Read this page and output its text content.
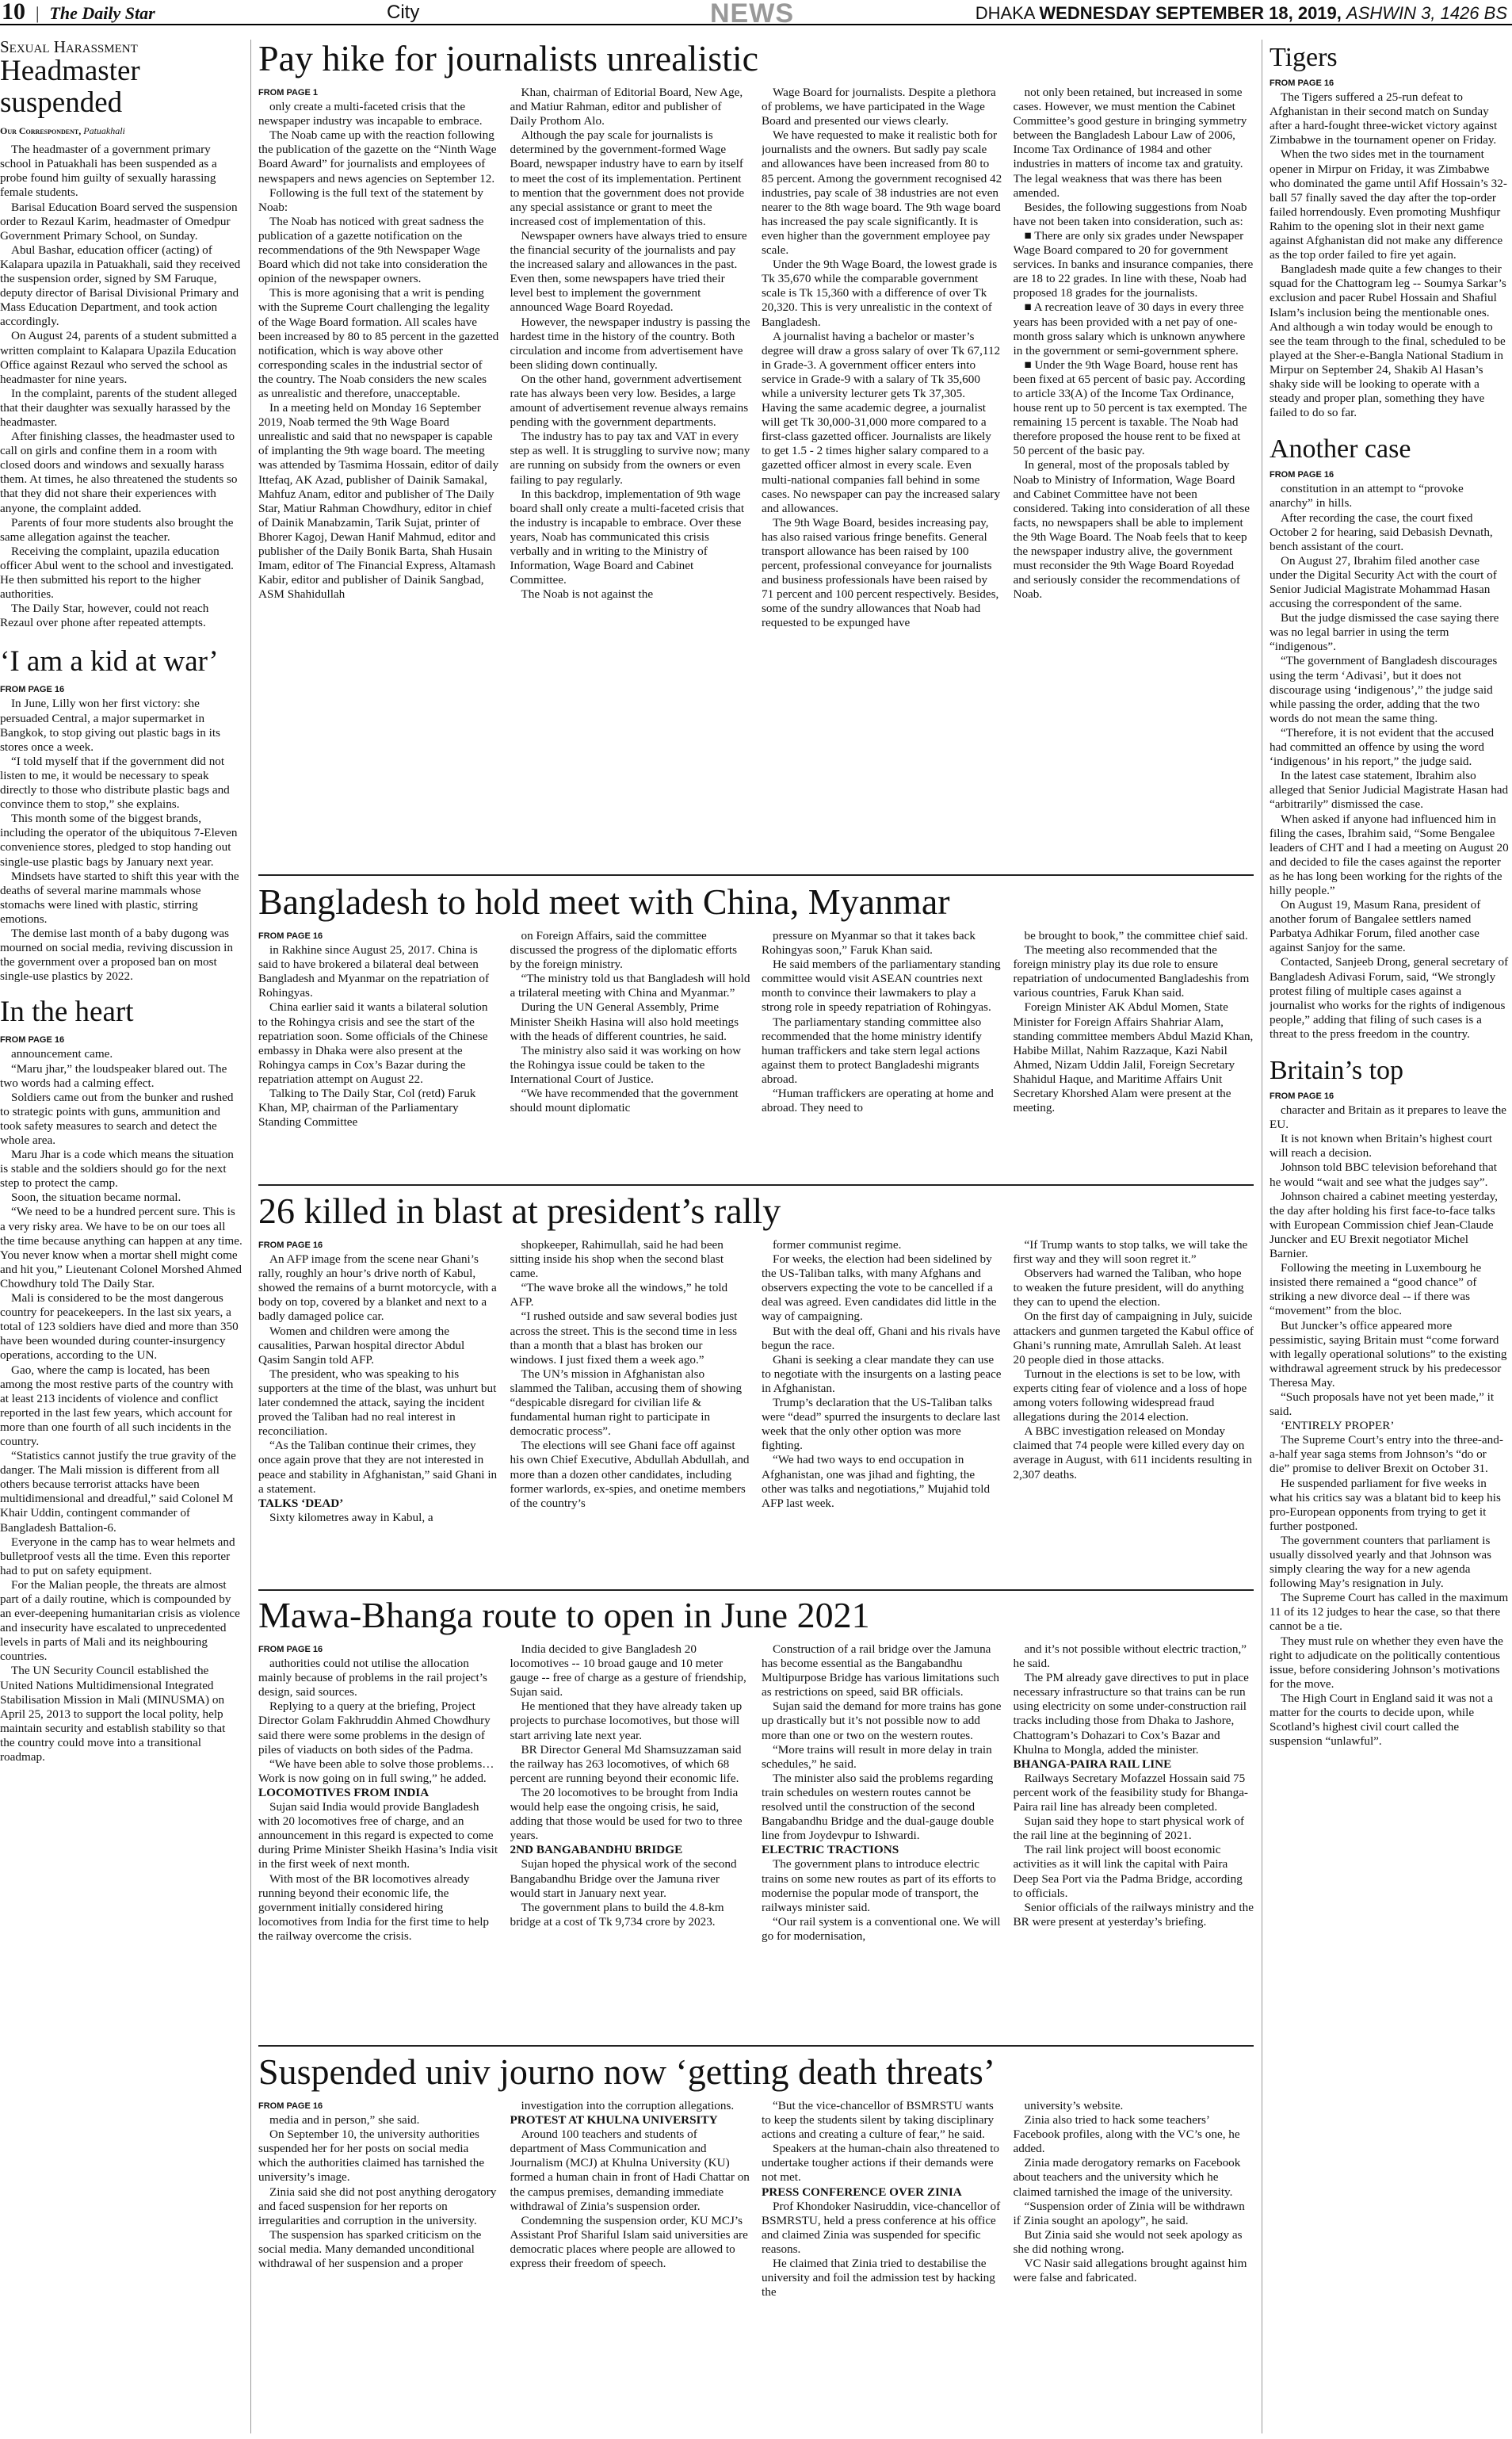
10  |  The Daily Star	City	NEWS	DHAKA WEDNESDAY SEPTEMBER 18, 2019, ASHWIN 3, 1426 BS
Sexual Harassment
Headmaster suspended
Our Correspondent, Patuakhali

The headmaster of a government primary school in Patuakhali has been suspended as a probe found him guilty of sexually harassing female students.

Barisal Education Board served the suspension order to Rezaul Karim, headmaster of Omedpur Government Primary School, on Sunday.

Abul Bashar, education officer (acting) of Kalapara upazila in Patuakhali, said they received the suspension order, signed by SM Faruque, deputy director of Barisal Divisional Primary and Mass Education Department, and took action accordingly.

On August 24, parents of a student submitted a written complaint to Kalapara Upazila Education Office against Rezaul who served the school as headmaster for nine years.

In the complaint, parents of the student alleged that their daughter was sexually harassed by the headmaster.

After finishing classes, the headmaster used to call on girls and confine them in a room with closed doors and windows and sexually harass them. At times, he also threatened the students so that they did not share their experiences with anyone, the complaint added.

Parents of four more students also brought the same allegation against the teacher.

Receiving the complaint, upazila education officer Abul went to the school and investigated. He then submitted his report to the higher authorities.

The Daily Star, however, could not reach Rezaul over phone after repeated attempts.

‘I am a kid at war’

FROM PAGE 16

In June, Lilly won her first victory: she persuaded Central, a major supermarket in Bangkok, to stop giving out plastic bags in its stores once a week.

“I told myself that if the government did not listen to me, it would be necessary to speak directly to those who distribute plastic bags and convince them to stop,” she explains.

This month some of the biggest brands, including the operator of the ubiquitous 7-Eleven convenience stores, pledged to stop handing out single-use plastic bags by January next year.

Mindsets have started to shift this year with the deaths of several marine mammals whose stomachs were lined with plastic, stirring emotions.

The demise last month of a baby dugong was mourned on social media, reviving discussion in the government over a proposed ban on most single-use plastics by 2022.

In the heart

FROM PAGE 16

announcement came.

“Maru jhar,” the loudspeaker blared out. The two words had a calming effect.

Soldiers came out from the bunker and rushed to strategic points with guns, ammunition and took safety measures to search and detect the whole area.

Maru Jhar is a code which means the situation is stable and the soldiers should go for the next step to protect the camp.

Soon, the situation became normal.

“We need to be a hundred percent sure. This is a very risky area. We have to be on our toes all the time because anything can happen at any time. You never know when a mortar shell might come and hit you,” Lieutenant Colonel Morshed Ahmed Chowdhury told The Daily Star.

Mali is considered to be the most dangerous country for peacekeepers. In the last six years, a total of 123 soldiers have died and more than 350 have been wounded during counter-insurgency operations, according to the UN.

Gao, where the camp is located, has been among the most restive parts of the country with at least 213 incidents of violence and conflict reported in the last few years, which account for more than one fourth of all such incidents in the country.

“Statistics cannot justify the true gravity of the danger. The Mali mission is different from all others because terrorist attacks have been multidimensional and dreadful,” said Colonel M Khair Uddin, contingent commander of Bangladesh Battalion-6.

Everyone in the camp has to wear helmets and bulletproof vests all the time. Even this reporter had to put on safety equipment.

For the Malian people, the threats are almost part of a daily routine, which is compounded by an ever-deepening humanitarian crisis as violence and insecurity have escalated to unprecedented levels in parts of Mali and its neighbouring countries.

The UN Security Council established the United Nations Multidimensional Integrated Stabilisation Mission in Mali (MINUSMA) on April 25, 2013 to support the local polity, help maintain security and establish stability so that the country could move into a transitional roadmap.

Pay hike for journalists unrealistic

FROM PAGE 1

only create a multi-faceted crisis that the newspaper industry was incapable to embrace.

The Noab came up with the reaction following the publication of the gazette on the “Ninth Wage Board Award” for journalists and employees of newspapers and news agencies on September 12.

Following is the full text of the statement by Noab:

The Noab has noticed with great sadness the publication of a gazette notification on the recommendations of the 9th Newspaper Wage Board which did not take into consideration the opinion of the newspaper owners.

This is more agonising that a writ is pending with the Supreme Court challenging the legality of the Wage Board formation. All scales have been increased by 80 to 85 percent in the gazetted notification, which is way above other corresponding scales in the industrial sector of the country. The Noab considers the new scales as unrealistic and therefore, unacceptable.

In a meeting held on Monday 16 September 2019, Noab termed the 9th Wage Board unrealistic and said that no newspaper is capable of implanting the 9th wage board. The meeting was attended by Tasmima Hossain, editor of daily Ittefaq, AK Azad, publisher of Dainik Samakal, Mahfuz Anam, editor and publisher of The Daily Star, Matiur Rahman Chowdhury, editor in chief of Dainik Manabzamin, Tarik Sujat, printer of Bhorer Kagoj, Dewan Hanif Mahmud, editor and publisher of the Daily Bonik Barta, Shah Husain Imam, editor of The Financial Express, Altamash Kabir, editor and publisher of Dainik Sangbad, ASM Shahidullah

Khan, chairman of Editorial Board, New Age, and Matiur Rahman, editor and publisher of Daily Prothom Alo.

Although the pay scale for journalists is determined by the government-formed Wage Board, newspaper industry have to earn by itself to meet the cost of its implementation. Pertinent to mention that the government does not provide any special assistance or grant to meet the increased cost of implementation of this.

Newspaper owners have always tried to ensure the financial security of the journalists and pay the increased salary and allowances in the past. Even then, some newspapers have tried their level best to implement the government announced Wage Board Royedad.

However, the newspaper industry is passing the hardest time in the history of the country. Both circulation and income from advertisement have been sliding down continually.

On the other hand, government advertisement rate has always been very low. Besides, a large amount of advertisement revenue always remains pending with the government departments.

The industry has to pay tax and VAT in every step as well. It is struggling to survive now; many are running on subsidy from the owners or even failing to pay regularly.

In this backdrop, implementation of 9th wage board shall only create a multi-faceted crisis that the industry is incapable to embrace. Over these years, Noab has communicated this crisis verbally and in writing to the Ministry of Information, Wage Board and Cabinet Committee.

The Noab is not against the

Wage Board for journalists. Despite a plethora of problems, we have participated in the Wage Board and presented our views clearly.

We have requested to make it realistic both for journalists and the owners. But sadly pay scale and allowances have been increased from 80 to 85 percent. Among the government recognised 42 industries, pay scale of 38 industries are not even nearer to the 8th wage board. The 9th wage board has increased the pay scale significantly. It is even higher than the government employee pay scale.

Under the 9th Wage Board, the lowest grade is Tk 35,670 while the comparable government scale is Tk 15,360 with a difference of over Tk 20,320. This is very unrealistic in the context of Bangladesh.

A journalist having a bachelor or master’s degree will draw a gross salary of over Tk 67,112 in Grade-3. A government officer enters into service in Grade-9 with a salary of Tk 35,600 while a university lecturer gets Tk 37,305. Having the same academic degree, a journalist will get Tk 30,000-31,000 more compared to a first-class gazetted officer. Journalists are likely to get 1.5 - 2 times higher salary compared to a gazetted officer almost in every scale. Even multi-national companies fall behind in some cases. No newspaper can pay the increased salary and allowances.

The 9th Wage Board, besides increasing pay, has also raised various fringe benefits. General transport allowance has been raised by 100 percent, professional conveyance for journalists and business professionals have been raised by 71 percent and 100 percent respectively. Besides, some of the sundry allowances that Noab had requested to be expunged have

not only been retained, but increased in some cases. However, we must mention the Cabinet Committee’s good gesture in bringing symmetry between the Bangladesh Labour Law of 2006, Income Tax Ordinance of 1984 and other industries in matters of income tax and gratuity. The legal weakness that was there has been amended.

Besides, the following suggestions from Noab have not been taken into consideration, such as:

■ There are only six grades under Newspaper Wage Board compared to 20 for government services. In banks and insurance companies, there are 18 to 22 grades. In line with these, Noab had proposed 18 grades for the journalists.

■ A recreation leave of 30 days in every three years has been provided with a net pay of one-month gross salary which is unknown anywhere in the government or semi-government sphere.

■ Under the 9th Wage Board, house rent has been fixed at 65 percent of basic pay. According to article 33(A) of the Income Tax Ordinance, house rent up to 50 percent is tax exempted. The remaining 15 percent is taxable. The Noab had therefore proposed the house rent to be fixed at 50 percent of the basic pay.

In general, most of the proposals tabled by Noab to Ministry of Information, Wage Board and Cabinet Committee have not been considered. Taking into consideration of all these facts, no newspapers shall be able to implement the 9th Wage Board. The Noab feels that to keep the newspaper industry alive, the government must reconsider the 9th Wage Board Royedad and seriously consider the recommendations of Noab.

Bangladesh to hold meet with China, Myanmar

FROM PAGE 16

in Rakhine since August 25, 2017. China is said to have brokered a bilateral deal between Bangladesh and Myanmar on the repatriation of Rohingyas.

China earlier said it wants a bilateral solution to the Rohingya crisis and see the start of the repatriation soon. Some officials of the Chinese embassy in Dhaka were also present at the Rohingya camps in Cox’s Bazar during the repatriation attempt on August 22.

Talking to The Daily Star, Col (retd) Faruk Khan, MP, chairman of the Parliamentary Standing Committee

on Foreign Affairs, said the committee discussed the progress of the diplomatic efforts by the foreign ministry.

“The ministry told us that Bangladesh will hold a trilateral meeting with China and Myanmar.”

During the UN General Assembly, Prime Minister Sheikh Hasina will also hold meetings with the heads of different countries, he said.

The ministry also said it was working on how the Rohingya issue could be taken to the International Court of Justice.

“We have recommended that the government should mount diplomatic

pressure on Myanmar so that it takes back Rohingyas soon,” Faruk Khan said.

He said members of the parliamentary standing committee would visit ASEAN countries next month to convince their lawmakers to play a strong role in speedy repatriation of Rohingyas.

The parliamentary standing committee also recommended that the home ministry identify human traffickers and take stern legal actions against them to protect Bangladeshi migrants abroad.

“Human traffickers are operating at home and abroad. They need to

be brought to book,” the committee chief said.

The meeting also recommended that the foreign ministry play its due role to ensure repatriation of undocumented Bangladeshis from various countries, Faruk Khan said.

Foreign Minister AK Abdul Momen, State Minister for Foreign Affairs Shahriar Alam, standing committee members Abdul Mazid Khan, Habibe Millat, Nahim Razzaque, Kazi Nabil Ahmed, Nizam Uddin Jalil, Foreign Secretary Shahidul Haque, and Maritime Affairs Unit Secretary Khorshed Alam were present at the meeting.

26 killed in blast at president’s rally

FROM PAGE 16

An AFP image from the scene near Ghani’s rally, roughly an hour’s drive north of Kabul, showed the remains of a burnt motorcycle, with a body on top, covered by a blanket and next to a badly damaged police car.

Women and children were among the causalities, Parwan hospital director Abdul Qasim Sangin told AFP.

The president, who was speaking to his supporters at the time of the blast, was unhurt but later condemned the attack, saying the incident proved the Taliban had no real interest in reconciliation.

“As the Taliban continue their crimes, they once again prove that they are not interested in peace and stability in Afghanistan,” said Ghani in a statement.

TALKS ‘DEAD’

Sixty kilometres away in Kabul, a

shopkeeper, Rahimullah, said he had been sitting inside his shop when the second blast came.

“The wave broke all the windows,” he told AFP.

“I rushed outside and saw several bodies just across the street. This is the second time in less than a month that a blast has broken our windows. I just fixed them a week ago.”

The UN’s mission in Afghanistan also slammed the Taliban, accusing them of showing “despicable disregard for civilian life & fundamental human right to participate in democratic process”.

The elections will see Ghani face off against his own Chief Executive, Abdullah Abdullah, and more than a dozen other candidates, including former warlords, ex-spies, and onetime members of the country’s

former communist regime.

For weeks, the election had been sidelined by the US-Taliban talks, with many Afghans and observers expecting the vote to be cancelled if a deal was agreed. Even candidates did little in the way of campaigning.

But with the deal off, Ghani and his rivals have begun the race.

Ghani is seeking a clear mandate they can use to negotiate with the insurgents on a lasting peace in Afghanistan.

Trump’s declaration that the US-Taliban talks were “dead” spurred the insurgents to declare last week that the only other option was more fighting.

“We had two ways to end occupation in Afghanistan, one was jihad and fighting, the other was talks and negotiations,” Mujahid told AFP last week.

“If Trump wants to stop talks, we will take the first way and they will soon regret it.”

Observers had warned the Taliban, who hope to weaken the future president, will do anything they can to upend the election.

On the first day of campaigning in July, suicide attackers and gunmen targeted the Kabul office of Ghani’s running mate, Amrullah Saleh. At least 20 people died in those attacks.

Turnout in the elections is set to be low, with experts citing fear of violence and a loss of hope among voters following widespread fraud allegations during the 2014 election.

A BBC investigation released on Monday claimed that 74 people were killed every day on average in August, with 611 incidents resulting in 2,307 deaths.

Mawa-Bhanga route to open in June 2021

FROM PAGE 16

authorities could not utilise the allocation mainly because of problems in the rail project’s design, said sources.

Replying to a query at the briefing, Project Director Golam Fakhruddin Ahmed Chowdhury said there were some problems in the design of piles of viaducts on both sides of the Padma.

“We have been able to solve those problems… Work is now going on in full swing,” he added.

LOCOMOTIVES FROM INDIA

Sujan said India would provide Bangladesh with 20 locomotives free of charge, and an announcement in this regard is expected to come during Prime Minister Sheikh Hasina’s India visit in the first week of next month.

With most of the BR locomotives already running beyond their economic life, the government initially considered hiring locomotives from India for the first time to help the railway overcome the crisis.

India decided to give Bangladesh 20 locomotives -- 10 broad gauge and 10 meter gauge -- free of charge as a gesture of friendship, Sujan said.

He mentioned that they have already taken up projects to purchase locomotives, but those will start arriving late next year.

BR Director General Md Shamsuzzaman said the railway has 263 locomotives, of which 68 percent are running beyond their economic life.

The 20 locomotives to be brought from India would help ease the ongoing crisis, he said, adding that those would be used for two to three years.

2ND BANGABANDHU BRIDGE

Sujan hoped the physical work of the second Bangabandhu Bridge over the Jamuna river would start in January next year.

The government plans to build the 4.8-km bridge at a cost of Tk 9,734 crore by 2023.

Construction of a rail bridge over the Jamuna has become essential as the Bangabandhu Multipurpose Bridge has various limitations such as restrictions on speed, said BR officials.

Sujan said the demand for more trains has gone up drastically but it’s not possible now to add more than one or two on the western routes.

“More trains will result in more delay in train schedules,” he said.

The minister also said the problems regarding train schedules on western routes cannot be resolved until the construction of the second Bangabandhu Bridge and the dual-gauge double line from Joydevpur to Ishwardi.

ELECTRIC TRACTIONS

The government plans to introduce electric trains on some new routes as part of its efforts to modernise the popular mode of transport, the railways minister said.

“Our rail system is a conventional one. We will go for modernisation,

and it’s not possible without electric traction,” he said.

The PM already gave directives to put in place necessary infrastructure so that trains can be run using electricity on some under-construction rail tracks including those from Dhaka to Jashore, Chattogram’s Dohazari to Cox’s Bazar and Khulna to Mongla, added the minister.

BHANGA-PAIRA RAIL LINE

Railways Secretary Mofazzel Hossain said 75 percent work of the feasibility study for Bhanga-Paira rail line has already been completed.

Sujan said they hope to start physical work of the rail line at the beginning of 2021.

The rail link project will boost economic activities as it will link the capital with Paira Deep Sea Port via the Padma Bridge, according to officials.

Senior officials of the railways ministry and the BR were present at yesterday’s briefing.

Suspended univ journo now ‘getting death threats’

FROM PAGE 16

media and in person,” she said.

On September 10, the university authorities suspended her for her posts on social media which the authorities claimed has tarnished the university’s image.

Zinia said she did not post anything derogatory and faced suspension for her reports on irregularities and corruption in the university.

The suspension has sparked criticism on the social media. Many demanded unconditional withdrawal of her suspension and a proper

investigation into the corruption allegations.

PROTEST AT KHULNA UNIVERSITY

Around 100 teachers and students of department of Mass Communication and Journalism (MCJ) at Khulna University (KU) formed a human chain in front of Hadi Chattar on the campus premises, demanding immediate withdrawal of Zinia’s suspension order.

Condemning the suspension order, KU MCJ’s Assistant Prof Shariful Islam said universities are democratic places where people are allowed to express their freedom of speech.

“But the vice-chancellor of BSMRSTU wants to keep the students silent by taking disciplinary actions and creating a culture of fear,” he said.

Speakers at the human-chain also threatened to undertake tougher actions if their demands were not met.

PRESS CONFERENCE OVER ZINIA

Prof Khondoker Nasiruddin, vice-chancellor of BSMRSTU, held a press conference at his office and claimed Zinia was suspended for specific reasons.

He claimed that Zinia tried to destabilise the university and foil the admission test by hacking the

university’s website.

Zinia also tried to hack some teachers’ Facebook profiles, along with the VC’s one, he added.

Zinia made derogatory remarks on Facebook about teachers and the university which he claimed tarnished the image of the university.

“Suspension order of Zinia will be withdrawn if Zinia sought an apology”, he said.

But Zinia said she would not seek apology as she did nothing wrong.

VC Nasir said allegations brought against him were false and fabricated.

Tigers

FROM PAGE 16

The Tigers suffered a 25-run defeat to Afghanistan in their second match on Sunday after a hard-fought three-wicket victory against Zimbabwe in the tournament opener on Friday.

When the two sides met in the tournament opener in Mirpur on Friday, it was Zimbabwe who dominated the game until Afif Hossain’s 32-ball 57 finally saved the day after the top-order failed horrendously. Even promoting Mushfiqur Rahim to the opening slot in their next game against Afghanistan did not make any difference as the top order failed to fire yet again.

Bangladesh made quite a few changes to their squad for the Chattogram leg -- Soumya Sarkar’s exclusion and pacer Rubel Hossain and Shafiul Islam’s inclusion being the mentionable ones. And although a win today would be enough to see the team through to the final, scheduled to be played at the Sher-e-Bangla National Stadium in Mirpur on September 24, Shakib Al Hasan’s shaky side will be looking to operate with a steady and proper plan, something they have failed to do so far.

Another case

FROM PAGE 16

constitution in an attempt to “provoke anarchy” in hills.

After recording the case, the court fixed October 2 for hearing, said Debasish Devnath, bench assistant of the court.

On August 27, Ibrahim filed another case under the Digital Security Act with the court of Senior Judicial Magistrate Mohammad Hasan accusing the correspondent of the same.

But the judge dismissed the case saying there was no legal barrier in using the term “indigenous”.

“The government of Bangladesh discourages using the term ‘Adivasi’, but it does not discourage using ‘indigenous’,” the judge said while passing the order, adding that the two words do not mean the same thing.

“Therefore, it is not evident that the accused had committed an offence by using the word ‘indigenous’ in his report,” the judge said.

In the latest case statement, Ibrahim also alleged that Senior Judicial Magistrate Hasan had “arbitrarily” dismissed the case.

When asked if anyone had influenced him in filing the cases, Ibrahim said, “Some Bengalee leaders of CHT and I had a meeting on August 20 and decided to file the cases against the reporter as he has long been working for the rights of the hilly people.”

On August 19, Masum Rana, president of another forum of Bangalee settlers named Parbatya Adhikar Forum, filed another case against Sanjoy for the same.

Contacted, Sanjeeb Drong, general secretary of Bangladesh Adivasi Forum, said, “We strongly protest filing of multiple cases against a journalist who works for the rights of indigenous people,” adding that filing of such cases is a threat to the press freedom in the country.

Britain’s top

FROM PAGE 16

character and Britain as it prepares to leave the EU.

It is not known when Britain’s highest court will reach a decision.

Johnson told BBC television beforehand that he would “wait and see what the judges say”.

Johnson chaired a cabinet meeting yesterday, the day after holding his first face-to-face talks with European Commission chief Jean-Claude Juncker and EU Brexit negotiator Michel Barnier.

Following the meeting in Luxembourg he insisted there remained a “good chance” of striking a new divorce deal -- if there was “movement” from the bloc.

But Juncker’s office appeared more pessimistic, saying Britain must “come forward with legally operational solutions” to the existing withdrawal agreement struck by his predecessor Theresa May.

“Such proposals have not yet been made,” it said.

‘ENTIRELY PROPER’

The Supreme Court’s entry into the three-and-a-half year saga stems from Johnson’s “do or die” promise to deliver Brexit on October 31.

He suspended parliament for five weeks in what his critics say was a blatant bid to keep his pro-European opponents from trying to get it further postponed.

The government counters that parliament is usually dissolved yearly and that Johnson was simply clearing the way for a new agenda following May’s resignation in July.

The Supreme Court has called in the maximum 11 of its 12 judges to hear the case, so that there cannot be a tie.

They must rule on whether they even have the right to adjudicate on the politically contentious issue, before considering Johnson’s motivations for the move.

The High Court in England said it was not a matter for the courts to decide upon, while Scotland’s highest civil court called the suspension “unlawful”.
